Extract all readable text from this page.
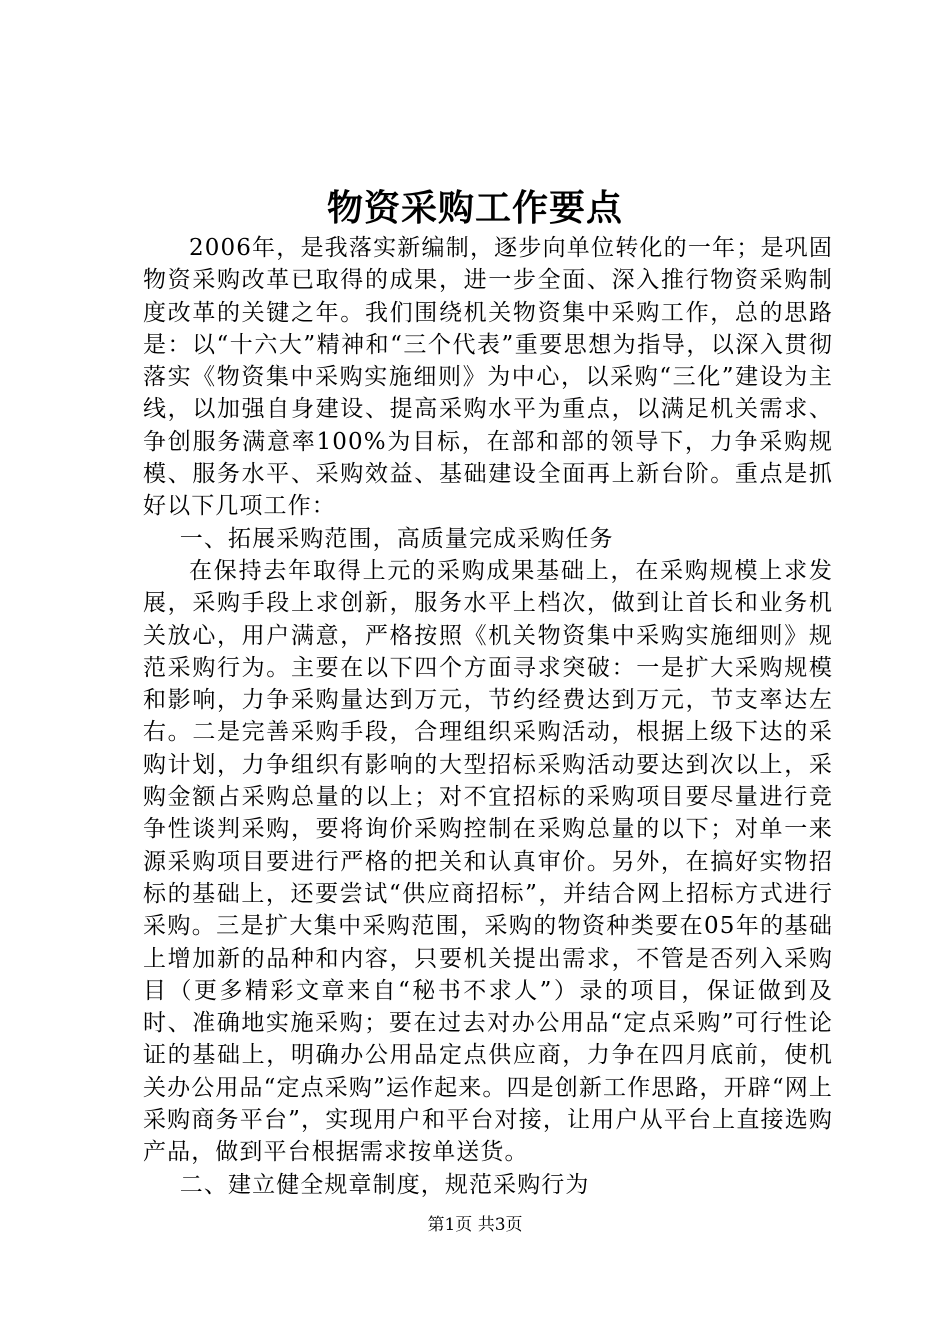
物资采购工作要点

2006年，是我落实新编制，逐步向单位转化的一年；是巩固物资采购改革已取得的成果，进一步全面、深入推行物资采购制度改革的关键之年。我们围绕机关物资集中采购工作，总的思路是：以“十六大”精神和“三个代表”重要思想为指导，以深入贯彻落实《物资集中采购实施细则》为中心，以采购“三化”建设为主线，以加强自身建设、提高采购水平为重点，以满足机关需求、争创服务满意率100%为目标，在部和部的领导下，力争采购规模、服务水平、采购效益、基础建设全面再上新台阶。重点是抓好以下几项工作：

一、拓展采购范围，高质量完成采购任务

在保持去年取得上元的采购成果基础上，在采购规模上求发展，采购手段上求创新，服务水平上档次，做到让首长和业务机关放心，用户满意，严格按照《机关物资集中采购实施细则》规范采购行为。主要在以下四个方面寻求突破：一是扩大采购规模和影响，力争采购量达到万元，节约经费达到万元，节支率达左右。二是完善采购手段，合理组织采购活动，根据上级下达的采购计划，力争组织有影响的大型招标采购活动要达到次以上，采购金额占采购总量的以上；对不宜招标的采购项目要尽量进行竞争性谈判采购，要将询价采购控制在采购总量的以下；对单一来源采购项目要进行严格的把关和认真审价。另外，在搞好实物招标的基础上，还要尝试“供应商招标”，并结合网上招标方式进行采购。三是扩大集中采购范围，采购的物资种类要在05年的基础上增加新的品种和内容，只要机关提出需求，不管是否列入采购目（更多精彩文章来自“秘书不求人”）录的项目，保证做到及时、准确地实施采购；要在过去对办公用品“定点采购”可行性论证的基础上，明确办公用品定点供应商，力争在四月底前，使机关办公用品“定点采购”运作起来。四是创新工作思路，开辟“网上采购商务平台”，实现用户和平台对接，让用户从平台上直接选购产品，做到平台根据需求按单送货。

二、建立健全规章制度，规范采购行为

第1页 共3页
